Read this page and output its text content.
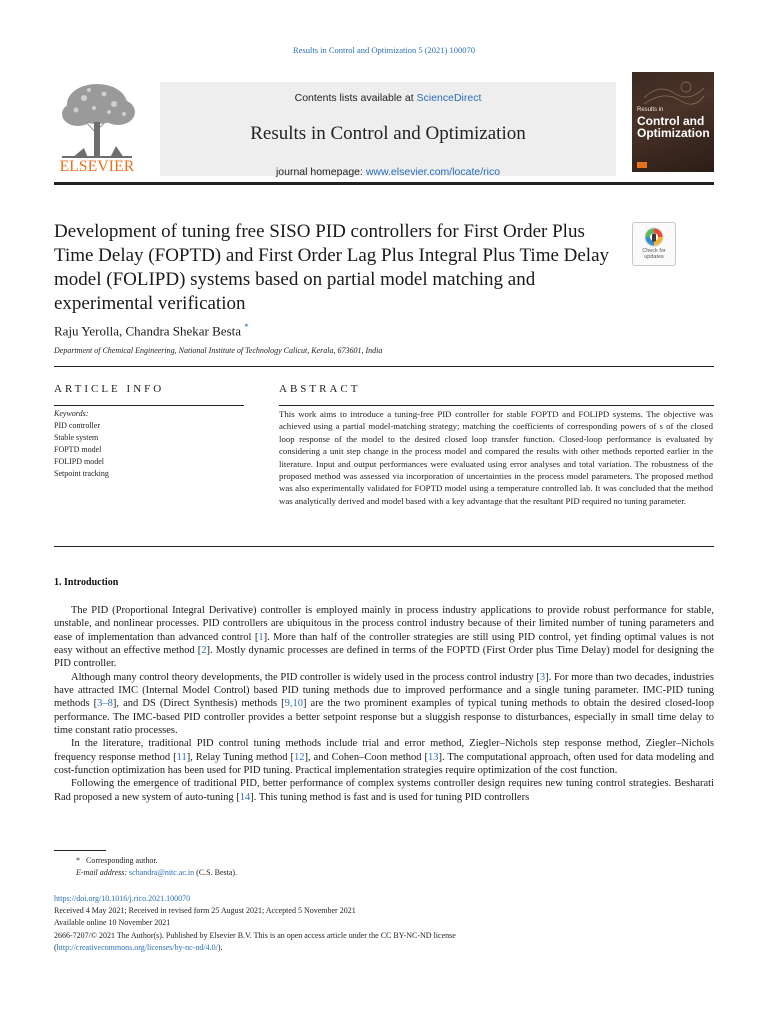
Results in Control and Optimization 5 (2021) 100070
ELSEVIER
Contents lists available at ScienceDirect
Results in Control and Optimization
journal homepage: www.elsevier.com/locate/rico
Results in
Control and
Optimization
Development of tuning free SISO PID controllers for First Order Plus Time Delay (FOPTD) and First Order Lag Plus Integral Plus Time Delay model (FOLIPD) systems based on partial model matching and experimental verification
Check for
updates
Raju Yerolla, Chandra Shekar Besta *
Department of Chemical Engineering, National Institute of Technology Calicut, Kerala, 673601, India
ARTICLE INFO	ABSTRACT
Keywords:
PID controller
Stable system
FOPTD model
FOLIPD model
Setpoint tracking

This work aims to introduce a tuning-free PID controller for stable FOPTD and FOLIPD systems. The objective was achieved using a partial model-matching strategy; matching the coefficients of corresponding powers of s of the closed loop response of the model to the desired closed loop transfer function. Closed-loop performance is evaluated by considering a unit step change in the process model and compared the results with other methods reported earlier in the literature. Input and output performances were evaluated using error analyses and total variation. The robustness of the proposed method was assessed via incorporation of uncertainties in the process model parameters. The proposed method was also experimentally validated for FOPTD model using a temperature controlled lab. It was concluded that the method was analytically derived and model based with a key advantage that the resultant PID required no tuning parameter.

1. Introduction

The PID (Proportional Integral Derivative) controller is employed mainly in process industry applications to provide robust performance for stable, unstable, and nonlinear processes. PID controllers are ubiquitous in the process control industry because of their limited number of tuning parameters and ease of implementation than advanced control [1]. More than half of the controller strategies are still using PID control, yet finding optimal values is not easy without an effective method [2]. Mostly dynamic processes are defined in terms of the FOPTD (First Order plus Time Delay) model for designing the PID controller.

Although many control theory developments, the PID controller is widely used in the process control industry [3]. For more than two decades, industries have attracted IMC (Internal Model Control) based PID tuning methods due to improved performance and a single tuning parameter. IMC-PID tuning methods [3–8], and DS (Direct Synthesis) methods [9,10] are the two prominent examples of typical tuning methods to obtain the desired closed-loop performance. The IMC-based PID controller provides a better setpoint response but a sluggish response to disturbances, especially in small time delay to time constant ratio processes.

In the literature, traditional PID control tuning methods include trial and error method, Ziegler–Nichols step response method, Ziegler–Nichols frequency response method [11], Relay Tuning method [12], and Cohen–Coon method [13]. The computational approach, often used for data modeling and cost-function optimization has been used for PID tuning. Practical implementation strategies require optimization of the cost function.

Following the emergence of traditional PID, better performance of complex systems controller design requires new tuning control strategies. Besharati Rad proposed a new system of auto-tuning [14]. This tuning method is fast and is used for tuning PID controllers

* Corresponding author.
E-mail address: schandra@nitc.ac.in (C.S. Besta).
https://doi.org/10.1016/j.rico.2021.100070
Received 4 May 2021; Received in revised form 25 August 2021; Accepted 5 November 2021
Available online 10 November 2021
2666-7207/© 2021 The Author(s). Published by Elsevier B.V. This is an open access article under the CC BY-NC-ND license
(http://creativecommons.org/licenses/by-nc-nd/4.0/).
